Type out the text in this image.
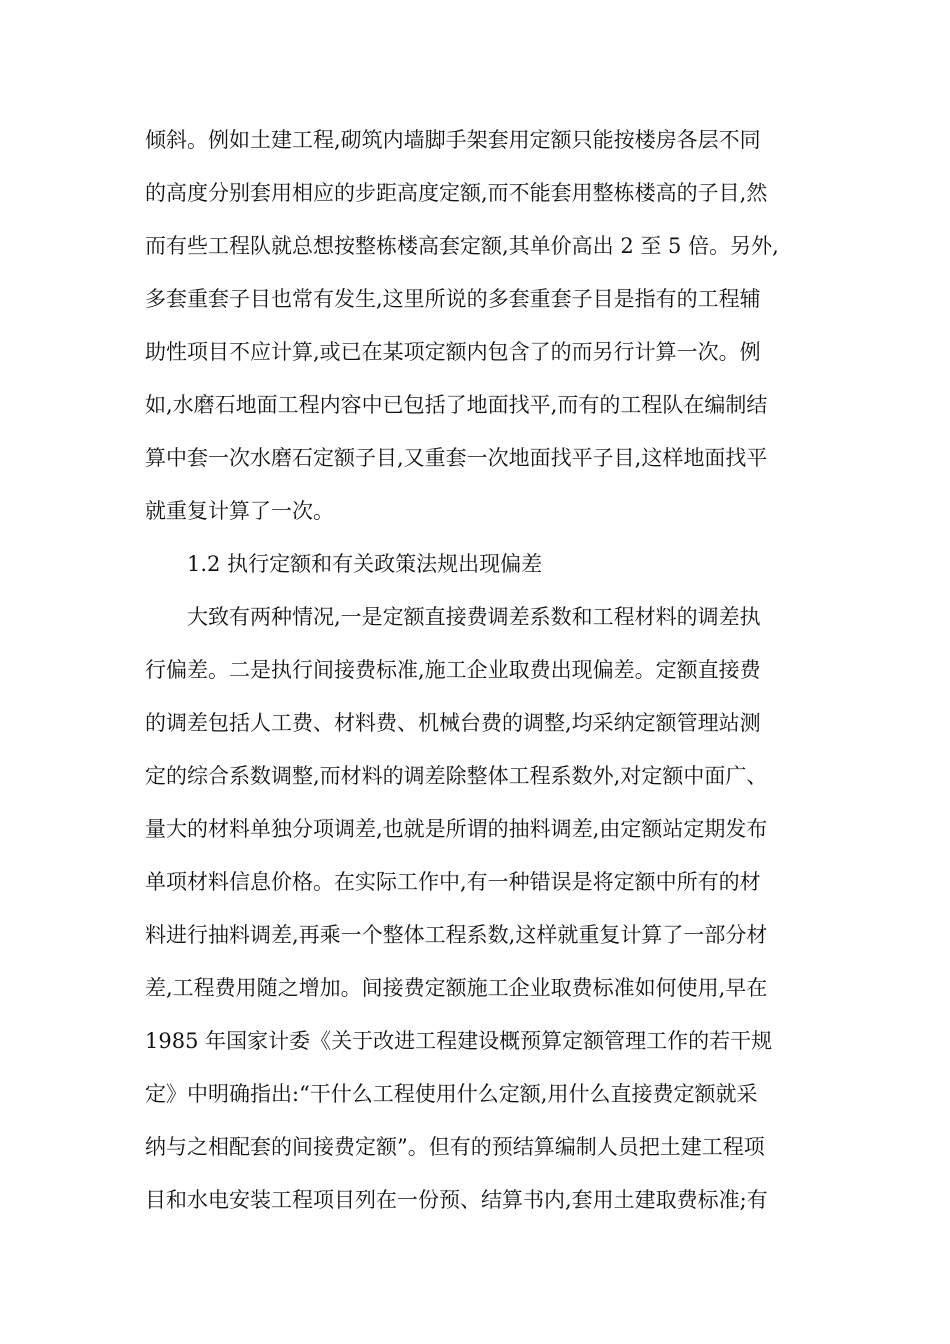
倾斜。例如土建工程,砌筑内墙脚手架套用定额只能按楼房各层不同
的高度分别套用相应的步距高度定额,而不能套用整栋楼高的子目,然
而有些工程队就总想按整栋楼高套定额,其单价高出 2 至 5 倍。另外,
多套重套子目也常有发生,这里所说的多套重套子目是指有的工程辅
助性项目不应计算,或已在某项定额内包含了的而另行计算一次。例
如,水磨石地面工程内容中已包括了地面找平,而有的工程队在编制结
算中套一次水磨石定额子目,又重套一次地面找平子目,这样地面找平
就重复计算了一次。
1.2 执行定额和有关政策法规出现偏差
大致有两种情况,一是定额直接费调差系数和工程材料的调差执
行偏差。二是执行间接费标准,施工企业取费出现偏差。定额直接费
的调差包括人工费、材料费、机械台费的调整,均采纳定额管理站测
定的综合系数调整,而材料的调差除整体工程系数外,对定额中面广、
量大的材料单独分项调差,也就是所谓的抽料调差,由定额站定期发布
单项材料信息价格。在实际工作中,有一种错误是将定额中所有的材
料进行抽料调差,再乘一个整体工程系数,这样就重复计算了一部分材
差,工程费用随之增加。间接费定额施工企业取费标准如何使用,早在
1985 年国家计委《关于改进工程建设概预算定额管理工作的若干规
定》中明确指出:“干什么工程使用什么定额,用什么直接费定额就采
纳与之相配套的间接费定额”。但有的预结算编制人员把土建工程项
目和水电安装工程项目列在一份预、结算书内,套用土建取费标准;有
